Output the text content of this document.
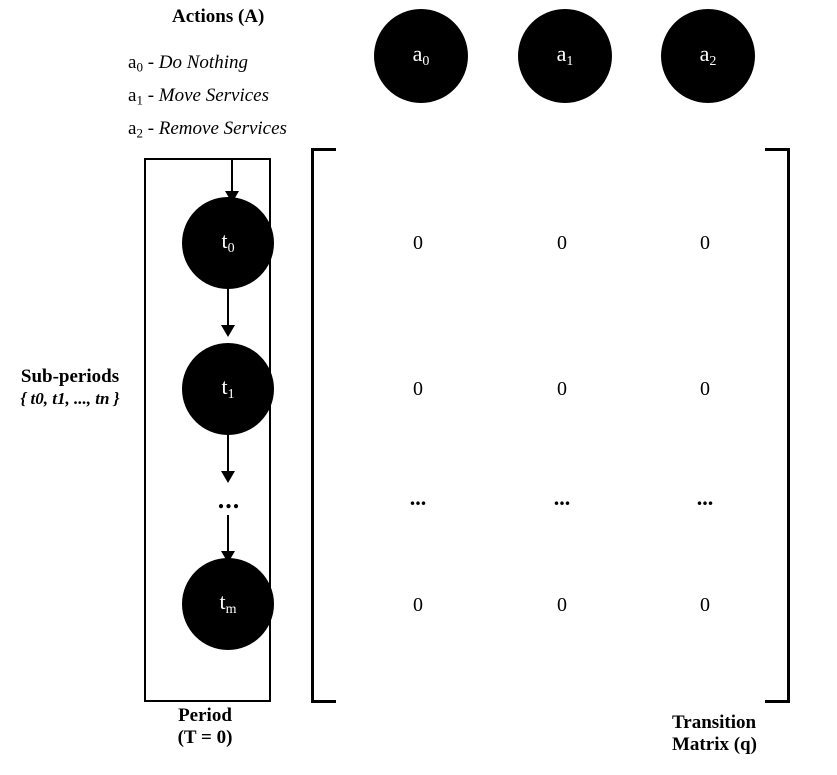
Actions (A)
$a_0$ - Do Nothing
$a_1$ - Move Services
$a_2$ - Remove Services
$a_0$	$a_1$	$a_2$
$t_0$
$t_1$
...
$t_m$
Sub-periods
{ t0, t1, ..., tn }
Period
(T = 0)
0	0	0
0	0	0
...	...	...
0	0	0
Transition
Matrix (q)
